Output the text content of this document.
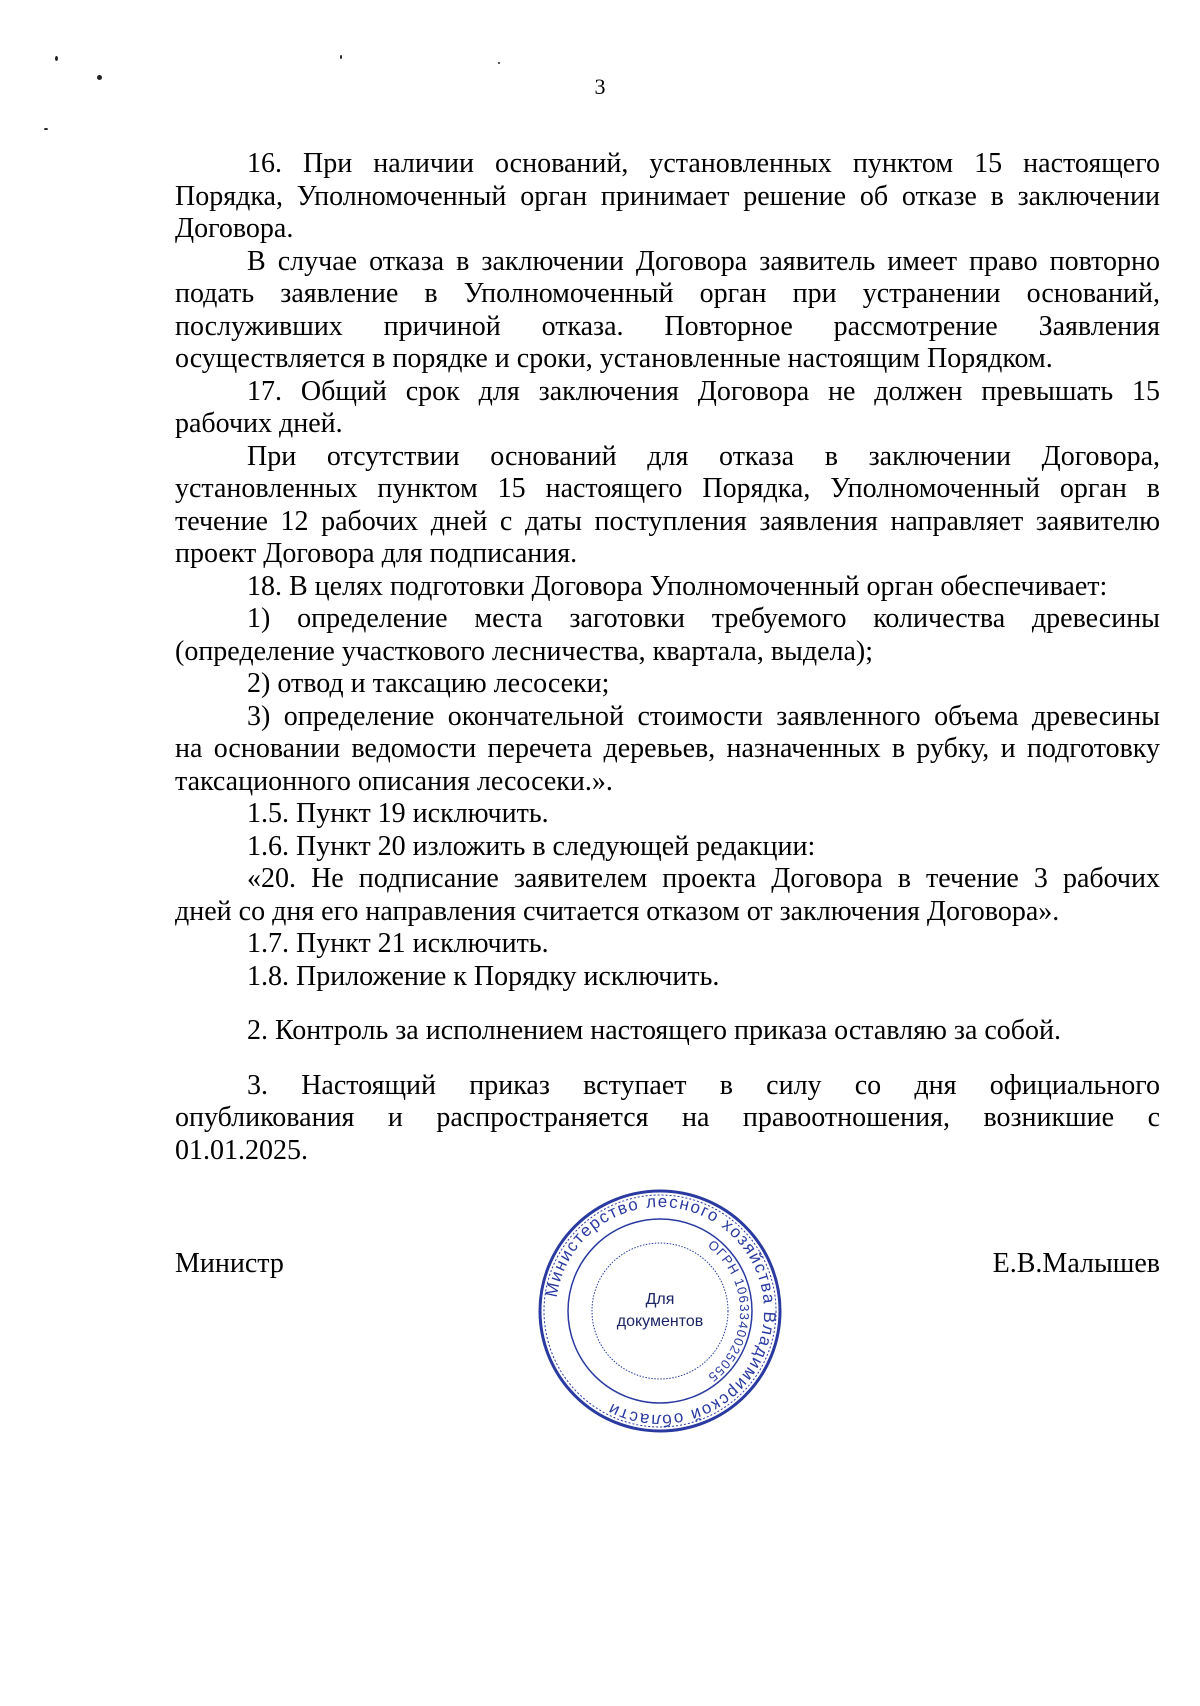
3
16. При наличии оснований, установленных пунктом 15 настоящего
Порядка, Уполномоченный орган принимает решение об отказе в заключении
Договора.
В случае отказа в заключении Договора заявитель имеет право повторно
подать заявление в Уполномоченный орган при устранении оснований,
послуживших причиной отказа. Повторное рассмотрение Заявления
осуществляется в порядке и сроки, установленные настоящим Порядком.
17. Общий срок для заключения Договора не должен превышать 15
рабочих дней.
При отсутствии оснований для отказа в заключении Договора,
установленных пунктом 15 настоящего Порядка, Уполномоченный орган в
течение 12 рабочих дней с даты поступления заявления направляет заявителю
проект Договора для подписания.
18. В целях подготовки Договора Уполномоченный орган обеспечивает:
1) определение места заготовки требуемого количества древесины
(определение участкового лесничества, квартала, выдела);
2) отвод и таксацию лесосеки;
3) определение окончательной стоимости заявленного объема древесины
на основании ведомости перечета деревьев, назначенных в рубку, и подготовку
таксационного описания лесосеки.».
1.5. Пункт 19 исключить.
1.6. Пункт 20 изложить в следующей редакции:
«20. Не подписание заявителем проекта Договора в течение 3 рабочих
дней со дня его направления считается отказом от заключения Договора».
1.7. Пункт 21 исключить.
1.8. Приложение к Порядку исключить.
2. Контроль за исполнением настоящего приказа оставляю за собой.
3. Настоящий приказ вступает в силу со дня официального
опубликования и распространяется на правоотношения, возникшие с
01.01.2025.
Министр	Е.В.Малышев
Министерство лесного хозяйства Владимирской области
ОГРН 1063340025055
Для
документов
